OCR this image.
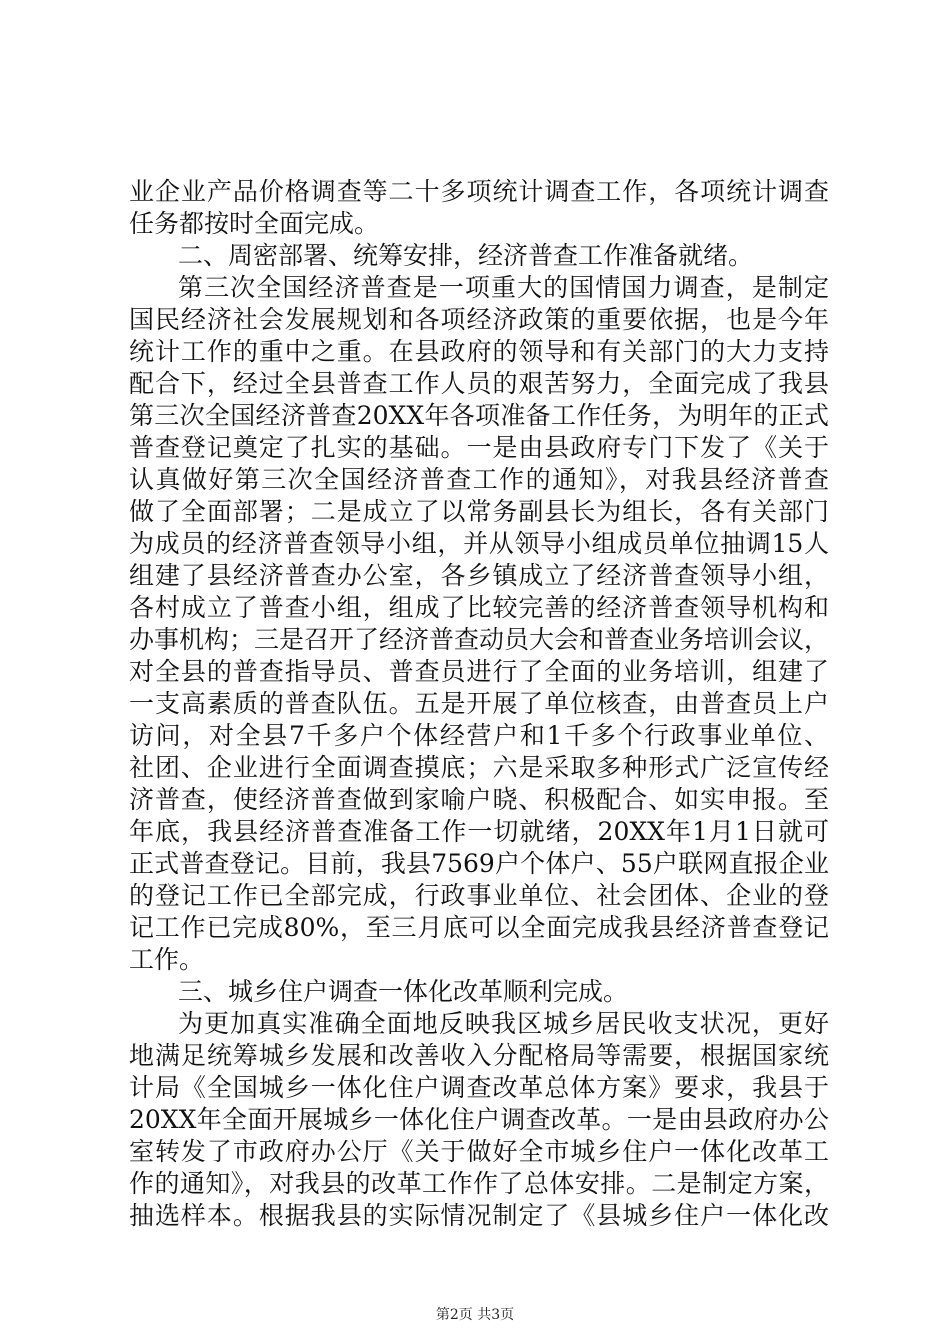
业企业产品价格调查等二十多项统计调查工作，各项统计调查
任务都按时全面完成。
二、周密部署、统筹安排，经济普查工作准备就绪。
第三次全国经济普查是一项重大的国情国力调查，是制定
国民经济社会发展规划和各项经济政策的重要依据，也是今年
统计工作的重中之重。在县政府的领导和有关部门的大力支持
配合下，经过全县普查工作人员的艰苦努力，全面完成了我县
第三次全国经济普查20XX年各项准备工作任务，为明年的正式
普查登记奠定了扎实的基础。一是由县政府专门下发了《关于
认真做好第三次全国经济普查工作的通知》，对我县经济普查
做了全面部署；二是成立了以常务副县长为组长，各有关部门
为成员的经济普查领导小组，并从领导小组成员单位抽调15人
组建了县经济普查办公室，各乡镇成立了经济普查领导小组，
各村成立了普查小组，组成了比较完善的经济普查领导机构和
办事机构；三是召开了经济普查动员大会和普查业务培训会议，
对全县的普查指导员、普查员进行了全面的业务培训，组建了
一支高素质的普查队伍。五是开展了单位核查，由普查员上户
访问，对全县7千多户个体经营户和1千多个行政事业单位、
社团、企业进行全面调查摸底；六是采取多种形式广泛宣传经
济普查，使经济普查做到家喻户晓、积极配合、如实申报。至
年底，我县经济普查准备工作一切就绪，20XX年1月1日就可
正式普查登记。目前，我县7569户个体户、55户联网直报企业
的登记工作已全部完成，行政事业单位、社会团体、企业的登
记工作已完成80%，至三月底可以全面完成我县经济普查登记
工作。
三、城乡住户调查一体化改革顺利完成。
为更加真实准确全面地反映我区城乡居民收支状况，更好
地满足统筹城乡发展和改善收入分配格局等需要，根据国家统
计局《全国城乡一体化住户调查改革总体方案》要求，我县于
20XX年全面开展城乡一体化住户调查改革。一是由县政府办公
室转发了市政府办公厅《关于做好全市城乡住户一体化改革工
作的通知》，对我县的改革工作作了总体安排。二是制定方案，
抽选样本。根据我县的实际情况制定了《县城乡住户一体化改
第2页 共3页
